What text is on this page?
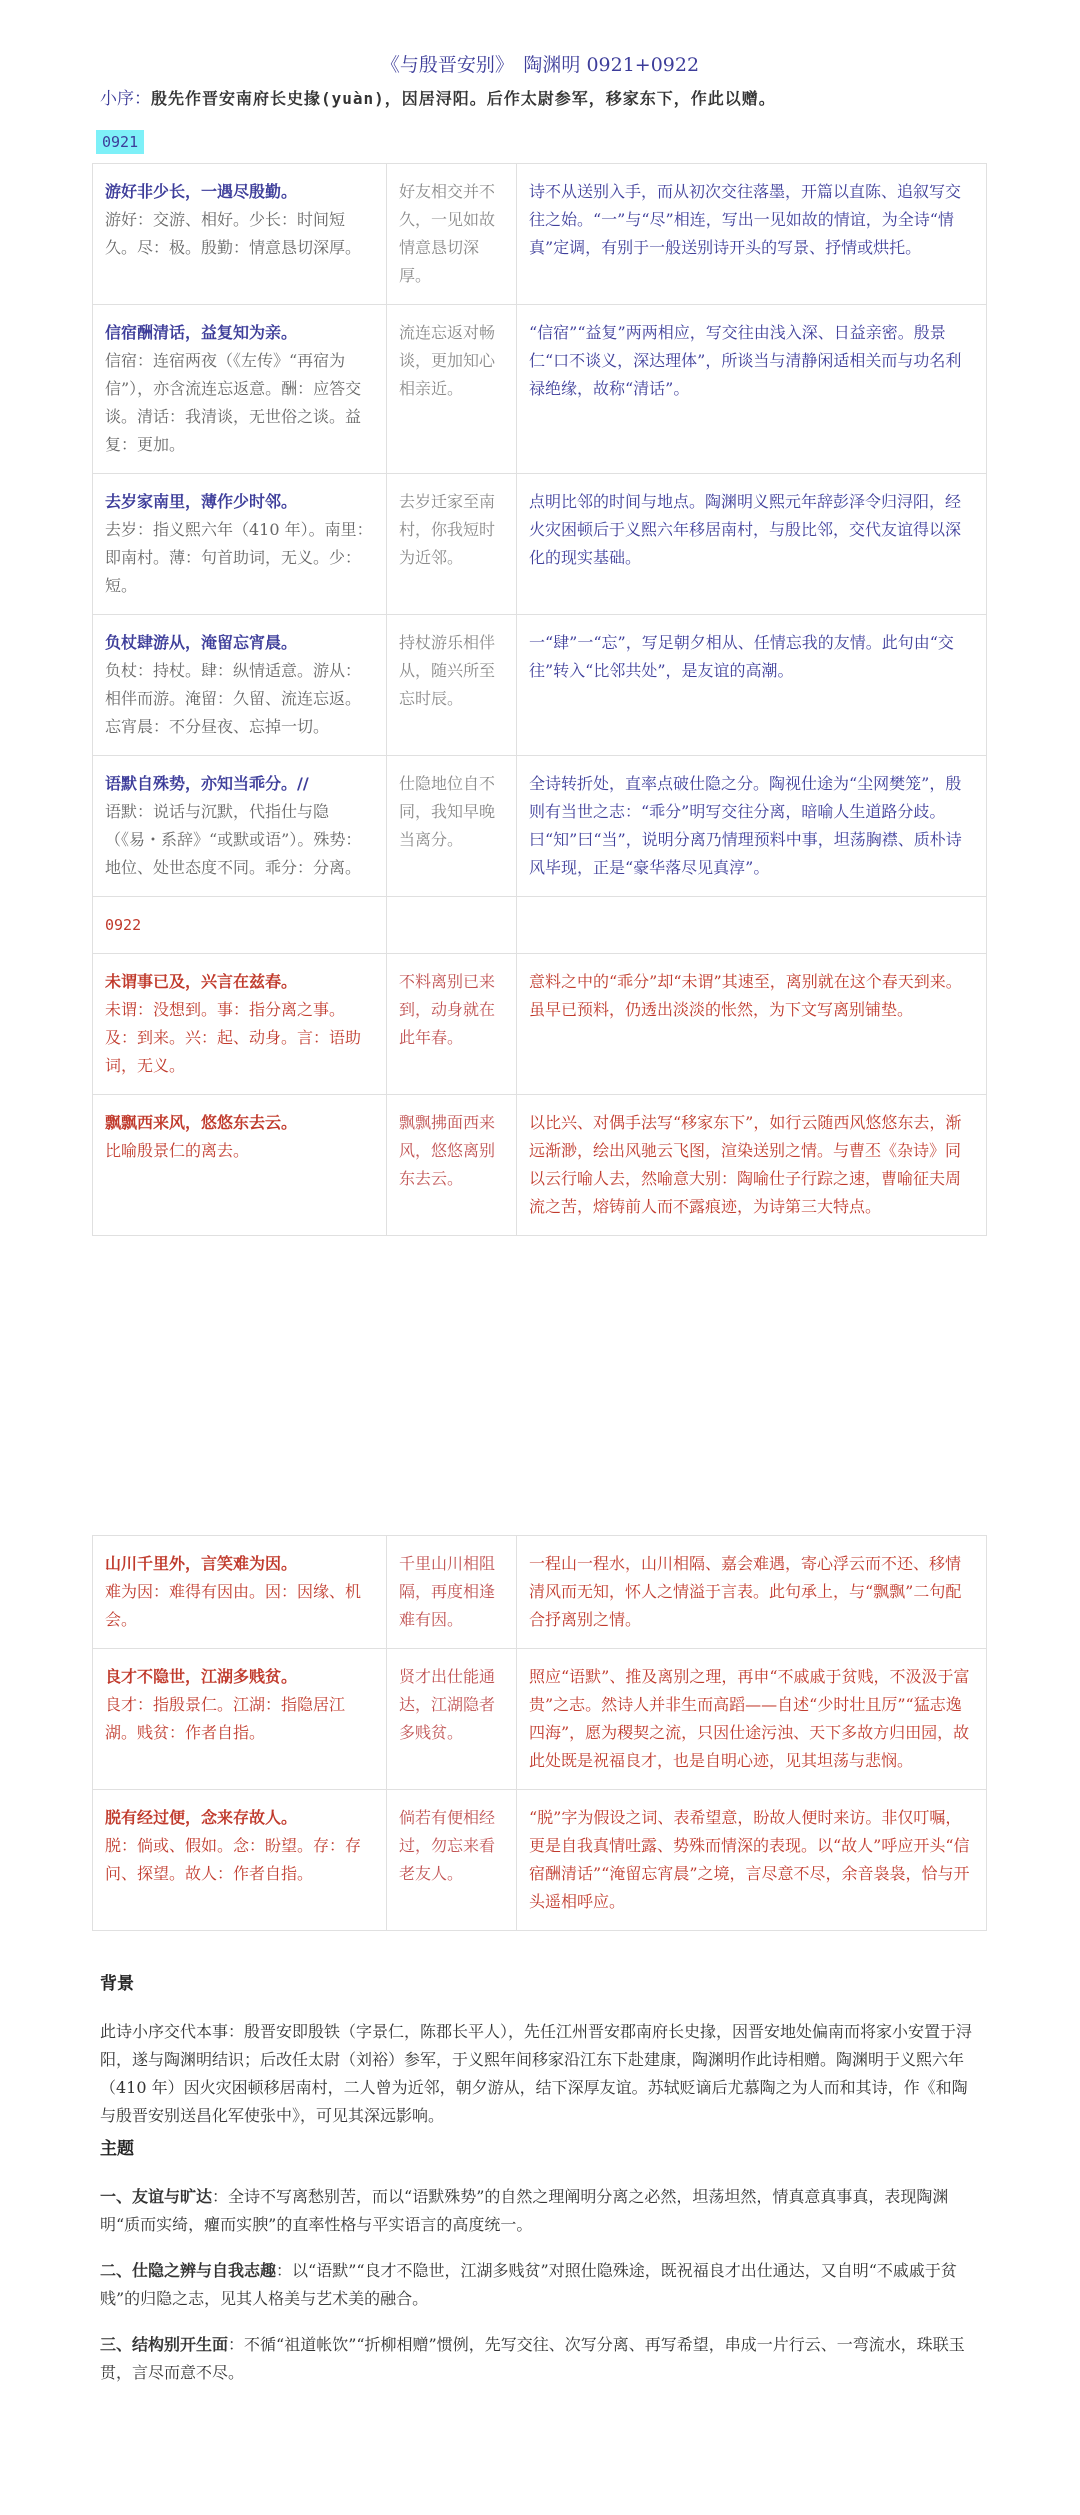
《与殷晋安别》　陶渊明 0921+0922
小序：殷先作晋安南府长史掾(yuàn)，因居浔阳。后作太尉参军，移家东下，作此以赠。
0921
游好非少长，一遇尽殷勤。
游好：交游、相好。少长：时间短久。尽：极。殷勤：情意恳切深厚。	好友相交并不久，一见如故情意恳切深厚。	诗不从送别入手，而从初次交往落墨，开篇以直陈、追叙写交往之始。“一”与“尽”相连，写出一见如故的情谊，为全诗“情真”定调，有别于一般送别诗开头的写景、抒情或烘托。

信宿酬清话，益复知为亲。
信宿：连宿两夜（《左传》“再宿为信”），亦含流连忘返意。酬：应答交谈。清话：我清谈，无世俗之谈。益复：更加。	流连忘返对畅谈，更加知心相亲近。	“信宿”“益复”两两相应，写交往由浅入深、日益亲密。殷景仁“口不谈义，深达理体”，所谈当与清静闲适相关而与功名利禄绝缘，故称“清话”。

去岁家南里，薄作少时邻。
去岁：指义熙六年（410 年）。南里：即南村。薄：句首助词，无义。少：短。	去岁迁家至南村，你我短时为近邻。	点明比邻的时间与地点。陶渊明义熙元年辞彭泽令归浔阳，经火灾困顿后于义熙六年移居南村，与殷比邻，交代友谊得以深化的现实基础。

负杖肆游从，淹留忘宵晨。
负杖：持杖。肆：纵情适意。游从：相伴而游。淹留：久留、流连忘返。忘宵晨：不分昼夜、忘掉一切。	持杖游乐相伴从，随兴所至忘时辰。	一“肆”一“忘”，写足朝夕相从、任情忘我的友情。此句由“交往”转入“比邻共处”，是友谊的高潮。

语默自殊势，亦知当乖分。//
语默：说话与沉默，代指仕与隐（《易・系辞》“或默或语”）。殊势：地位、处世态度不同。乖分：分离。	仕隐地位自不同，我知早晚当离分。	全诗转折处，直率点破仕隐之分。陶视仕途为“尘网樊笼”，殷则有当世之志：“乖分”明写交往分离，暗喻人生道路分歧。曰“知”曰“当”，说明分离乃情理预料中事，坦荡胸襟、质朴诗风毕现，正是“豪华落尽见真淳”。
0922		

未谓事已及，兴言在兹春。
未谓：没想到。事：指分离之事。及：到来。兴：起、动身。言：语助词，无义。	不料离别已来到，动身就在此年春。	意料之中的“乖分”却“未谓”其速至，离别就在这个春天到来。虽早已预料，仍透出淡淡的怅然，为下文写离别铺垫。

飘飘西来风，悠悠东去云。
比喻殷景仁的离去。	飘飘拂面西来风，悠悠离别东去云。	以比兴、对偶手法写“移家东下”，如行云随西风悠悠东去，渐远渐渺，绘出风驰云飞图，渲染送别之情。与曹丕《杂诗》同以云行喻人去，然喻意大别：陶喻仕子行踪之速，曹喻征夫周流之苦，熔铸前人而不露痕迹，为诗第三大特点。
山川千里外，言笑难为因。
难为因：难得有因由。因：因缘、机会。	千里山川相阻隔，再度相逢难有因。	一程山一程水，山川相隔、嘉会难遇，寄心浮云而不还、移情清风而无知，怀人之情溢于言表。此句承上，与“飘飘”二句配合抒离别之情。

良才不隐世，江湖多贱贫。
良才：指殷景仁。江湖：指隐居江湖。贱贫：作者自指。	贤才出仕能通达，江湖隐者多贱贫。	照应“语默”、推及离别之理，再申“不戚戚于贫贱，不汲汲于富贵”之志。然诗人并非生而高蹈——自述“少时壮且厉”“猛志逸四海”，愿为稷契之流，只因仕途污浊、天下多故方归田园，故此处既是祝福良才，也是自明心迹，见其坦荡与悲悯。

脱有经过便，念来存故人。
脱：倘或、假如。念：盼望。存：存问、探望。故人：作者自指。	倘若有便相经过，勿忘来看老友人。	“脱”字为假设之词、表希望意，盼故人便时来访。非仅叮嘱，更是自我真情吐露、势殊而情深的表现。以“故人”呼应开头“信宿酬清话”“淹留忘宵晨”之境，言尽意不尽，余音袅袅，恰与开头遥相呼应。
背景

此诗小序交代本事：殷晋安即殷铁（字景仁，陈郡长平人），先任江州晋安郡南府长史掾，因晋安地处偏南而将家小安置于浔阳，遂与陶渊明结识；后改任太尉（刘裕）参军，于义熙年间移家沿江东下赴建康，陶渊明作此诗相赠。陶渊明于义熙六年（410 年）因火灾困顿移居南村，二人曾为近邻，朝夕游从，结下深厚友谊。苏轼贬谪后尤慕陶之为人而和其诗，作《和陶与殷晋安别送昌化军使张中》，可见其深远影响。

主题

一、友谊与旷达：全诗不写离愁别苦，而以“语默殊势”的自然之理阐明分离之必然，坦荡坦然，情真意真事真，表现陶渊明“质而实绮，癯而实腴”的直率性格与平实语言的高度统一。

二、仕隐之辨与自我志趣：以“语默”“良才不隐世，江湖多贱贫”对照仕隐殊途，既祝福良才出仕通达，又自明“不戚戚于贫贱”的归隐之志，见其人格美与艺术美的融合。

三、结构别开生面：不循“祖道帐饮”“折柳相赠”惯例，先写交往、次写分离、再写希望，串成一片行云、一弯流水，珠联玉贯，言尽而意不尽。
